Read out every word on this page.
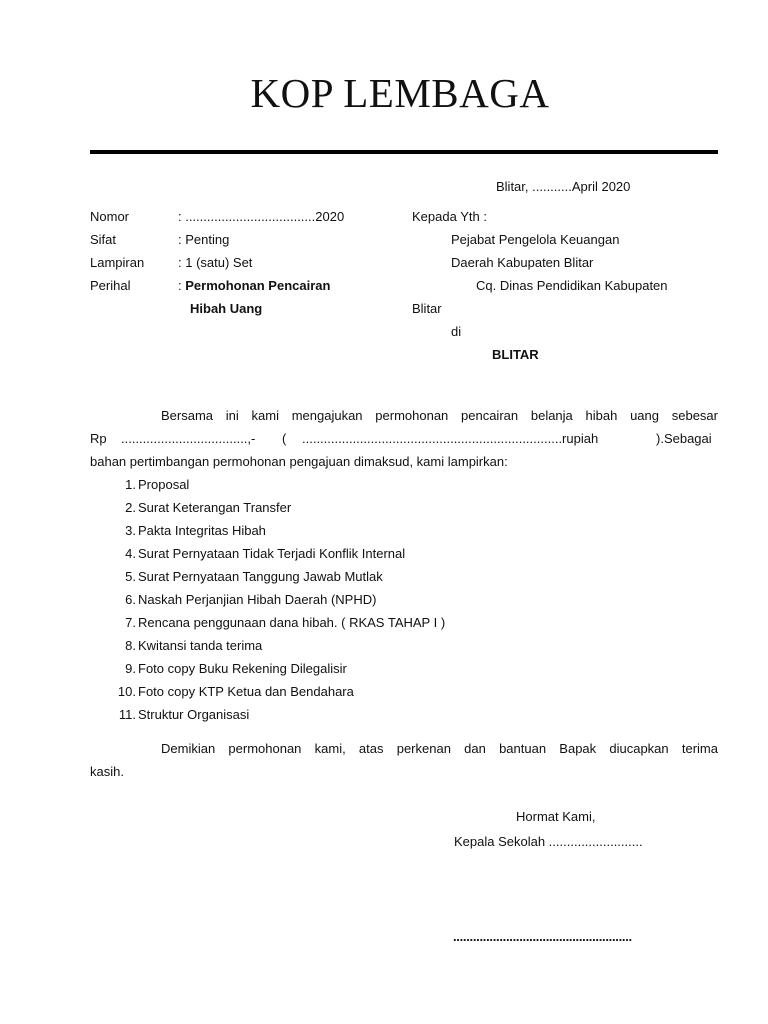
KOP LEMBAGA
Blitar, ...........April 2020
Nomor	: ....................................2020
Sifat	: Penting
Lampiran	: 1 (satu) Set
Perihal	: Permohonan Pencairan
Hibah Uang
Kepada Yth :
Pejabat Pengelola Keuangan
Daerah Kabupaten Blitar
Cq. Dinas Pendidikan Kabupaten
Blitar
di
BLITAR
Bersama ini kami mengajukan permohonan pencairan belanja hibah uang sebesar
Rp ...................................,- ( ........................................................................rupiah	).Sebagai
bahan pertimbangan permohonan pengajuan dimaksud, kami lampirkan:
1. Proposal
2. Surat Keterangan Transfer
3. Pakta Integritas Hibah
4. Surat Pernyataan Tidak Terjadi Konflik Internal
5. Surat Pernyataan Tanggung Jawab Mutlak
6. Naskah Perjanjian Hibah Daerah (NPHD)
7. Rencana penggunaan dana hibah. ( RKAS TAHAP I )
8. Kwitansi tanda terima
9. Foto copy Buku Rekening Dilegalisir
10. Foto copy KTP Ketua dan Bendahara
11. Struktur Organisasi
Demikian permohonan kami, atas perkenan dan bantuan Bapak diucapkan terima
kasih.
Hormat Kami,
Kepala Sekolah ..........................
......................................................
